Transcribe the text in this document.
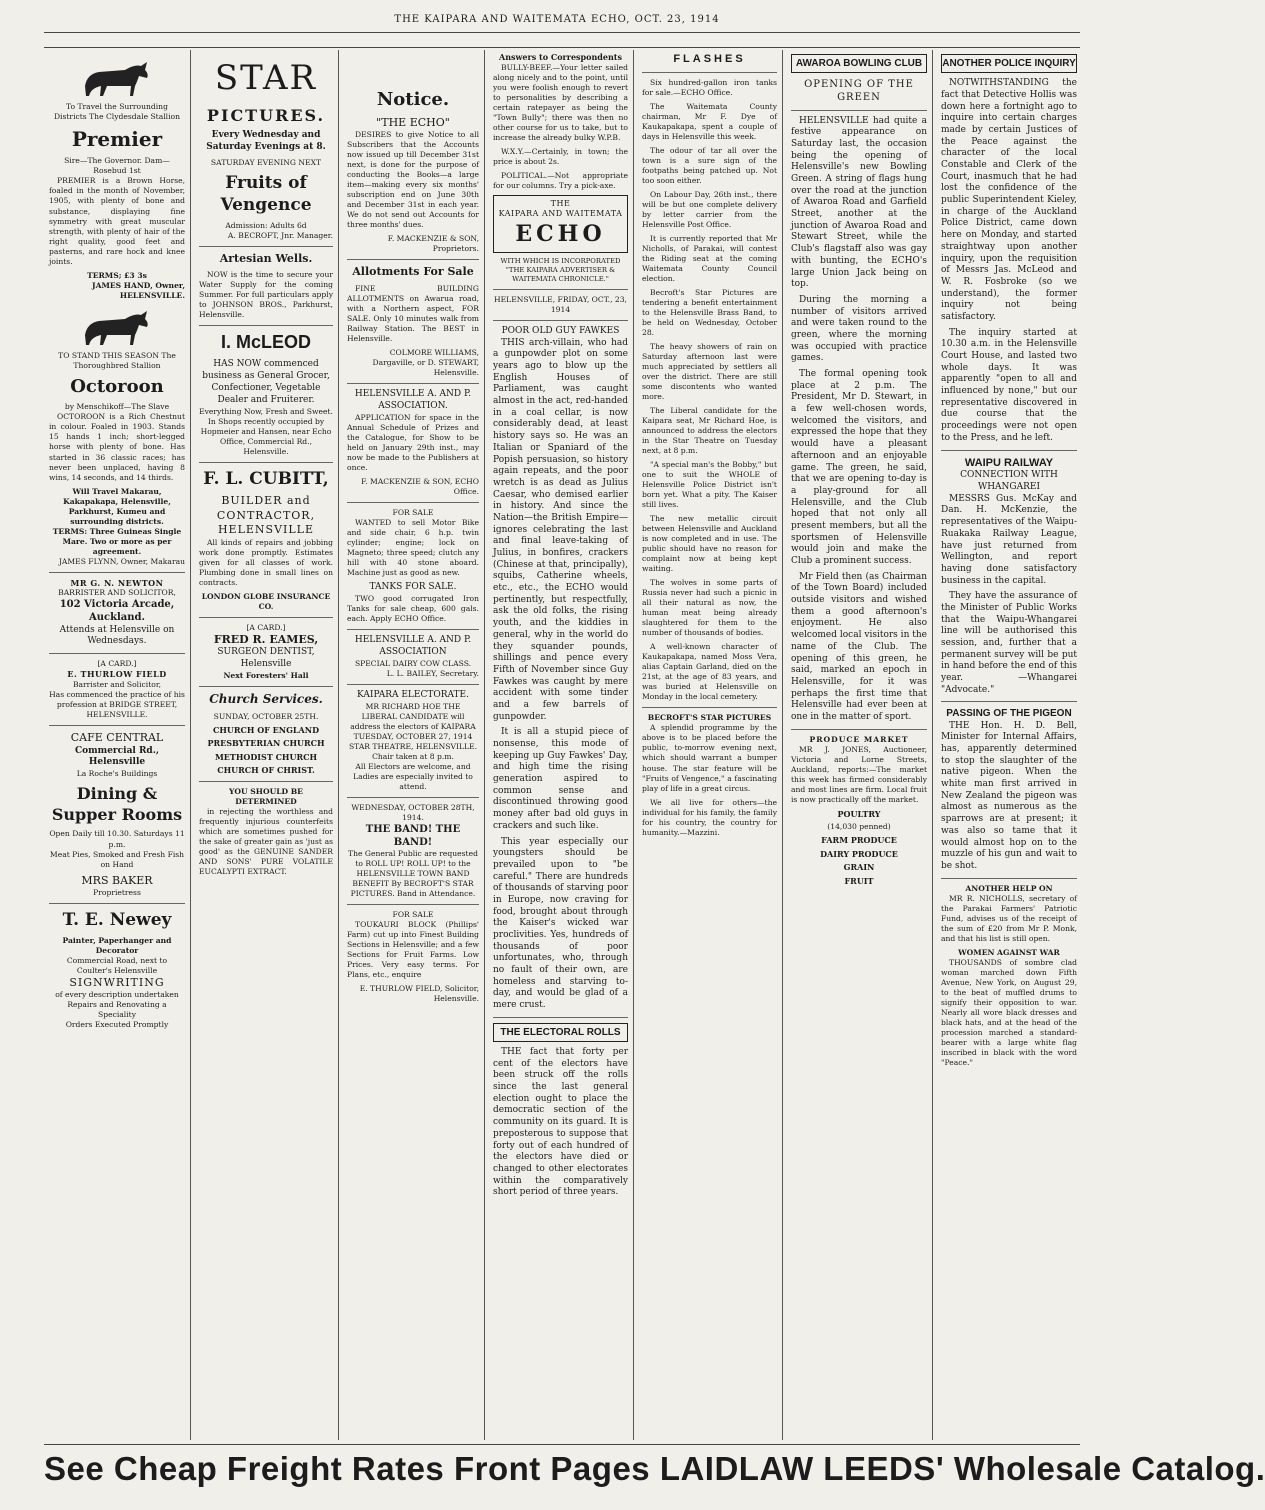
THE KAIPARA AND WAITEMATA ECHO, OCT. 23, 1914
To Travel the Surrounding Districts The Clydesdale Stallion
Premier
Sire—The Governor. Dam—Rosebud 1st

PREMIER is a Brown Horse, foaled in the month of November, 1905, with plenty of bone and substance, displaying fine symmetry with great muscular strength, with plenty of hair of the right quality, good feet and pasterns, and rare hock and knee joints.

TERMS; £3 3s
JAMES HAND, Owner, HELENSVILLE.
TO STAND THIS SEASON The Thoroughbred Stallion
Octoroon
by Menschikoff—The Slave

OCTOROON is a Rich Chestnut in colour. Foaled in 1903. Stands 15 hands 1 inch; short-legged horse with plenty of bone. Has started in 36 classic races; has never been unplaced, having 8 wins, 14 seconds, and 14 thirds.

Will Travel Makarau, Kakapakapa, Helensville, Parkhurst, Kumeu and surrounding districts.
TERMS: Three Guineas Single Mare. Two or more as per agreement.
JAMES FLYNN, Owner, Makarau
MR G. N. NEWTON
BARRISTER AND SOLICITOR,
102 Victoria Arcade, Auckland.
Attends at Helensville on Wednesdays.
[A CARD.]
E. THURLOW FIELD
Barrister and Solicitor,
Has commenced the practice of his profession at BRIDGE STREET, HELENSVILLE.
CAFE CENTRAL
Commercial Rd., Helensville
La Roche's Buildings
Dining & Supper Rooms
Open Daily till 10.30. Saturdays 11 p.m.
Meat Pies, Smoked and Fresh Fish on Hand
MRS BAKER
Proprietress
T. E. Newey
Painter, Paperhanger and Decorator
Commercial Road, next to Coulter's Helensville
SIGNWRITING
of every description undertaken
Repairs and Renovating a Speciality
Orders Executed Promptly
STAR
PICTURES.
Every Wednesday and Saturday Evenings at 8.
SATURDAY EVENING NEXT
Fruits of Vengence
Admission: Adults 6d
A. BECROFT, Jnr. Manager.
Artesian Wells.

NOW is the time to secure your Water Supply for the coming Summer. For full particulars apply to JOHNSON BROS., Parkhurst, Helensville.

I. McLEOD
HAS NOW commenced business as General Grocer, Confectioner, Vegetable Dealer and Fruiterer.
Everything Now, Fresh and Sweet.
In Shops recently occupied by Hopmeier and Hansen, near Echo Office, Commercial Rd., Helensville.
F. L. CUBITT,
BUILDER and CONTRACTOR, HELENSVILLE

All kinds of repairs and jobbing work done promptly. Estimates given for all classes of work. Plumbing done in small lines on contracts.

LONDON GLOBE INSURANCE CO.
[A CARD.]
FRED R. EAMES,
SURGEON DENTIST, Helensville
Next Foresters' Hall
Church Services.
SUNDAY, OCTOBER 25TH.
CHURCH OF ENGLAND
PRESBYTERIAN CHURCH
METHODIST CHURCH
CHURCH OF CHRIST.
YOU SHOULD BE DETERMINED

in rejecting the worthless and frequently injurious counterfeits which are sometimes pushed for the sake of greater gain as 'just as good' as the GENUINE SANDER AND SONS' PURE VOLATILE EUCALYPTI EXTRACT.

Notice.
"THE ECHO"

DESIRES to give Notice to all Subscribers that the Accounts now issued up till December 31st next, is done for the purpose of conducting the Books—a large item—making every six months' subscription end on June 30th and December 31st in each year. We do not send out Accounts for three months' dues.

F. MACKENZIE & SON, Proprietors.
Allotments For Sale

FINE BUILDING ALLOTMENTS on Awarua road, with a Northern aspect, FOR SALE. Only 10 minutes walk from Railway Station. The BEST in Helensville.

COLMORE WILLIAMS, Dargaville, or D. STEWART, Helensville.
HELENSVILLE A. AND P. ASSOCIATION.

APPLICATION for space in the Annual Schedule of Prizes and the Catalogue, for Show to be held on January 29th inst., may now be made to the Publishers at once.

F. MACKENZIE & SON, ECHO Office.
FOR SALE

WANTED to sell Motor Bike and side chair, 6 h.p. twin cylinder; engine; lock on Magneto; three speed; clutch any hill with 40 stone aboard. Machine just as good as new.

TANKS FOR SALE.

TWO good corrugated Iron Tanks for sale cheap, 600 gals. each. Apply ECHO Office.

HELENSVILLE A. AND P. ASSOCIATION
SPECIAL DAIRY COW CLASS.
L. L. BAILEY, Secretary.
KAIPARA ELECTORATE.
MR RICHARD HOE THE LIBERAL CANDIDATE will address the electors of KAIPARA TUESDAY, OCTOBER 27, 1914 STAR THEATRE, HELENSVILLE.
Chair taken at 8 p.m.
All Electors are welcome, and Ladies are especially invited to attend.
WEDNESDAY, OCTOBER 28TH, 1914.
THE BAND! THE BAND!
The General Public are requested to ROLL UP! ROLL UP! to the HELENSVILLE TOWN BAND BENEFIT By BECROFT'S STAR PICTURES. Band in Attendance.
FOR SALE

TOUKAURI BLOCK (Phillips' Farm) cut up into Finest Building Sections in Helensville; and a few Sections for Fruit Farms. Low Prices. Very easy terms. For Plans, etc., enquire

E. THURLOW FIELD, Solicitor, Helensville.
Answers to Correspondents

BULLY-BEEF.—Your letter sailed along nicely and to the point, until you were foolish enough to revert to personalities by describing a certain ratepayer as being the "Town Bully"; there was then no other course for us to take, but to increase the already bulky W.P.B.

W.X.Y.—Certainly, in town; the price is about 2s.

POLITICAL.—Not appropriate for our columns. Try a pick-axe.

THE
KAIPARA AND WAITEMATA
ECHO
WITH WHICH IS INCORPORATED "THE KAIPARA ADVERTISER & WAITEMATA CHRONICLE."
HELENSVILLE, FRIDAY, OCT., 23, 1914
POOR OLD GUY FAWKES

THIS arch-villain, who had a gunpowder plot on some years ago to blow up the English Houses of Parliament, was caught almost in the act, red-handed in a coal cellar, is now considerably dead, at least history says so. He was an Italian or Spaniard of the Popish persuasion, so history again repeats, and the poor wretch is as dead as Julius Caesar, who demised earlier in history. And since the Nation—the British Empire—ignores celebrating the last and final leave-taking of Julius, in bonfires, crackers (Chinese at that, principally), squibs, Catherine wheels, etc., etc., the ECHO would pertinently, but respectfully, ask the old folks, the rising youth, and the kiddies in general, why in the world do they squander pounds, shillings and pence every Fifth of November since Guy Fawkes was caught by mere accident with some tinder and a few barrels of gunpowder.

It is all a stupid piece of nonsense, this mode of keeping up Guy Fawkes' Day, and high time the rising generation aspired to common sense and discontinued throwing good money after bad old guys in crackers and such like.

This year especially our youngsters should be prevailed upon to "be careful." There are hundreds of thousands of starving poor in Europe, now craving for food, brought about through the Kaiser's wicked war proclivities. Yes, hundreds of thousands of poor unfortunates, who, through no fault of their own, are homeless and starving to-day, and would be glad of a mere crust.

THE ELECTORAL ROLLS

THE fact that forty per cent of the electors have been struck off the rolls since the last general election ought to place the democratic section of the community on its guard. It is preposterous to suppose that forty out of each hundred of the electors have died or changed to other electorates within the comparatively short period of three years.

FLASHES

Six hundred-gallon iron tanks for sale.—ECHO Office.

The Waitemata County chairman, Mr F. Dye of Kaukapakapa, spent a couple of days in Helensville this week.

The odour of tar all over the town is a sure sign of the footpaths being patched up. Not too soon either.

On Labour Day, 26th inst., there will be but one complete delivery by letter carrier from the Helensville Post Office.

It is currently reported that Mr Nicholls, of Parakai, will contest the Riding seat at the coming Waitemata County Council election.

Becroft's Star Pictures are tendering a benefit entertainment to the Helensville Brass Band, to be held on Wednesday, October 28.

The heavy showers of rain on Saturday afternoon last were much appreciated by settlers all over the district. There are still some discontents who wanted more.

The Liberal candidate for the Kaipara seat, Mr Richard Hoe, is announced to address the electors in the Star Theatre on Tuesday next, at 8 p.m.

"A special man's the Bobby," but one to suit the WHOLE of Helensville Police District isn't born yet. What a pity. The Kaiser still lives.

The new metallic circuit between Helensville and Auckland is now completed and in use. The public should have no reason for complaint now at being kept waiting.

The wolves in some parts of Russia never had such a picnic in all their natural as now, the human meat being already slaughtered for them to the number of thousands of bodies.

A well-known character of Kaukapakapa, named Moss Vera, alias Captain Garland, died on the 21st, at the age of 83 years, and was buried at Helensville on Monday in the local cemetery.

BECROFT'S STAR PICTURES

A splendid programme by the above is to be placed before the public, to-morrow evening next, which should warrant a bumper house. The star feature will be "Fruits of Vengence," a fascinating play of life in a great circus.

We all live for others—the individual for his family, the family for his country, the country for humanity.—Mazzini.

AWAROA BOWLING CLUB
OPENING OF THE GREEN

HELENSVILLE had quite a festive appearance on Saturday last, the occasion being the opening of Helensville's new Bowling Green. A string of flags hung over the road at the junction of Awaroa Road and Garfield Street, another at the junction of Awaroa Road and Stewart Street, while the Club's flagstaff also was gay with bunting, the ECHO's large Union Jack being on top.

During the morning a number of visitors arrived and were taken round to the green, where the morning was occupied with practice games.

The formal opening took place at 2 p.m. The President, Mr D. Stewart, in a few well-chosen words, welcomed the visitors, and expressed the hope that they would have a pleasant afternoon and an enjoyable game. The green, he said, that we are opening to-day is a play-ground for all Helensville, and the Club hoped that not only all present members, but all the sportsmen of Helensville would join and make the Club a prominent success.

Mr Field then (as Chairman of the Town Board) included outside visitors and wished them a good afternoon's enjoyment. He also welcomed local visitors in the name of the Club. The opening of this green, he said, marked an epoch in Helensville, for it was perhaps the first time that Helensville had ever been at one in the matter of sport.

PRODUCE MARKET

MR J. JONES, Auctioneer, Victoria and Lorne Streets, Auckland, reports:—The market this week has firmed considerably and most lines are firm. Local fruit is now practically off the market.

POULTRY
(14,030 penned)
FARM PRODUCE
DAIRY PRODUCE
GRAIN
FRUIT
ANOTHER POLICE INQUIRY

NOTWITHSTANDING the fact that Detective Hollis was down here a fortnight ago to inquire into certain charges made by certain Justices of the Peace against the character of the local Constable and Clerk of the Court, inasmuch that he had lost the confidence of the public Superintendent Kieley, in charge of the Auckland Police District, came down here on Monday, and started straightway upon another inquiry, upon the requisition of Messrs Jas. McLeod and W. R. Fosbroke (so we understand), the former inquiry not being satisfactory.

The inquiry started at 10.30 a.m. in the Helensville Court House, and lasted two whole days. It was apparently "open to all and influenced by none," but our representative discovered in due course that the proceedings were not open to the Press, and he left.

WAIPU RAILWAY
CONNECTION WITH WHANGAREI

MESSRS Gus. McKay and Dan. H. McKenzie, the representatives of the Waipu-Ruakaka Railway League, have just returned from Wellington, and report having done satisfactory business in the capital.

They have the assurance of the Minister of Public Works that the Waipu-Whangarei line will be authorised this session, and, further that a permanent survey will be put in hand before the end of this year. —Whangarei "Advocate."

PASSING OF THE PIGEON

THE Hon. H. D. Bell, Minister for Internal Affairs, has, apparently determined to stop the slaughter of the native pigeon. When the white man first arrived in New Zealand the pigeon was almost as numerous as the sparrows are at present; it was also so tame that it would almost hop on to the muzzle of his gun and wait to be shot.

ANOTHER HELP ON

MR R. NICHOLLS, secretary of the Parakai Farmers' Patriotic Fund, advises us of the receipt of the sum of £20 from Mr P. Monk, and that his list is still open.

WOMEN AGAINST WAR

THOUSANDS of sombre clad woman marched down Fifth Avenue, New York, on August 29, to the beat of muffled drums to signify their opposition to war. Nearly all wore black dresses and black hats, and at the head of the procession marched a standard-bearer with a large white flag inscribed in black with the word "Peace."

See Cheap Freight Rates Front Pages LAIDLAW LEEDS' Wholesale Catalog.
